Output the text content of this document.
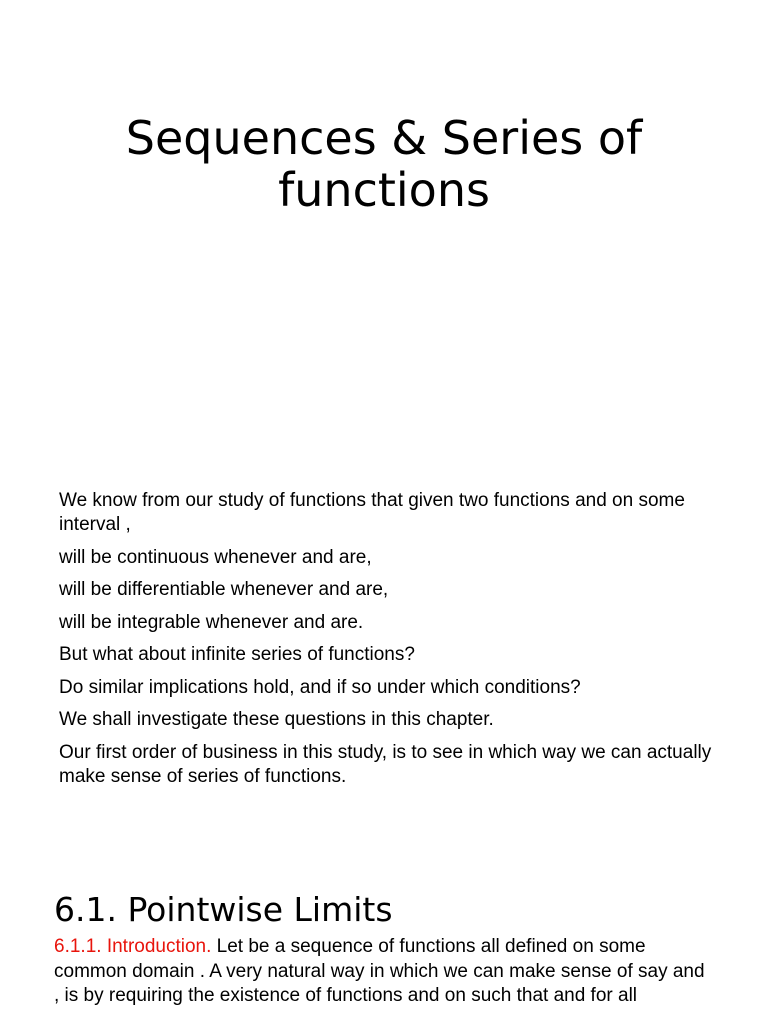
Sequences & Series of
functions
We know from our study of functions that given two functions and on some interval ,
will be continuous whenever and are,
will be differentiable whenever and are,
will be integrable whenever and are.
But what about infinite series of functions?
Do similar implications hold, and if so under which conditions?
We shall investigate these questions in this chapter.
Our first order of business in this study, is to see in which way we can actually make sense of series of functions.
6.1. Pointwise Limits

6.1.1. Introduction. Let be a sequence of functions all defined on some common domain . A very natural way in which we can make sense of say and , is by requiring the existence of functions and on such that and for all
